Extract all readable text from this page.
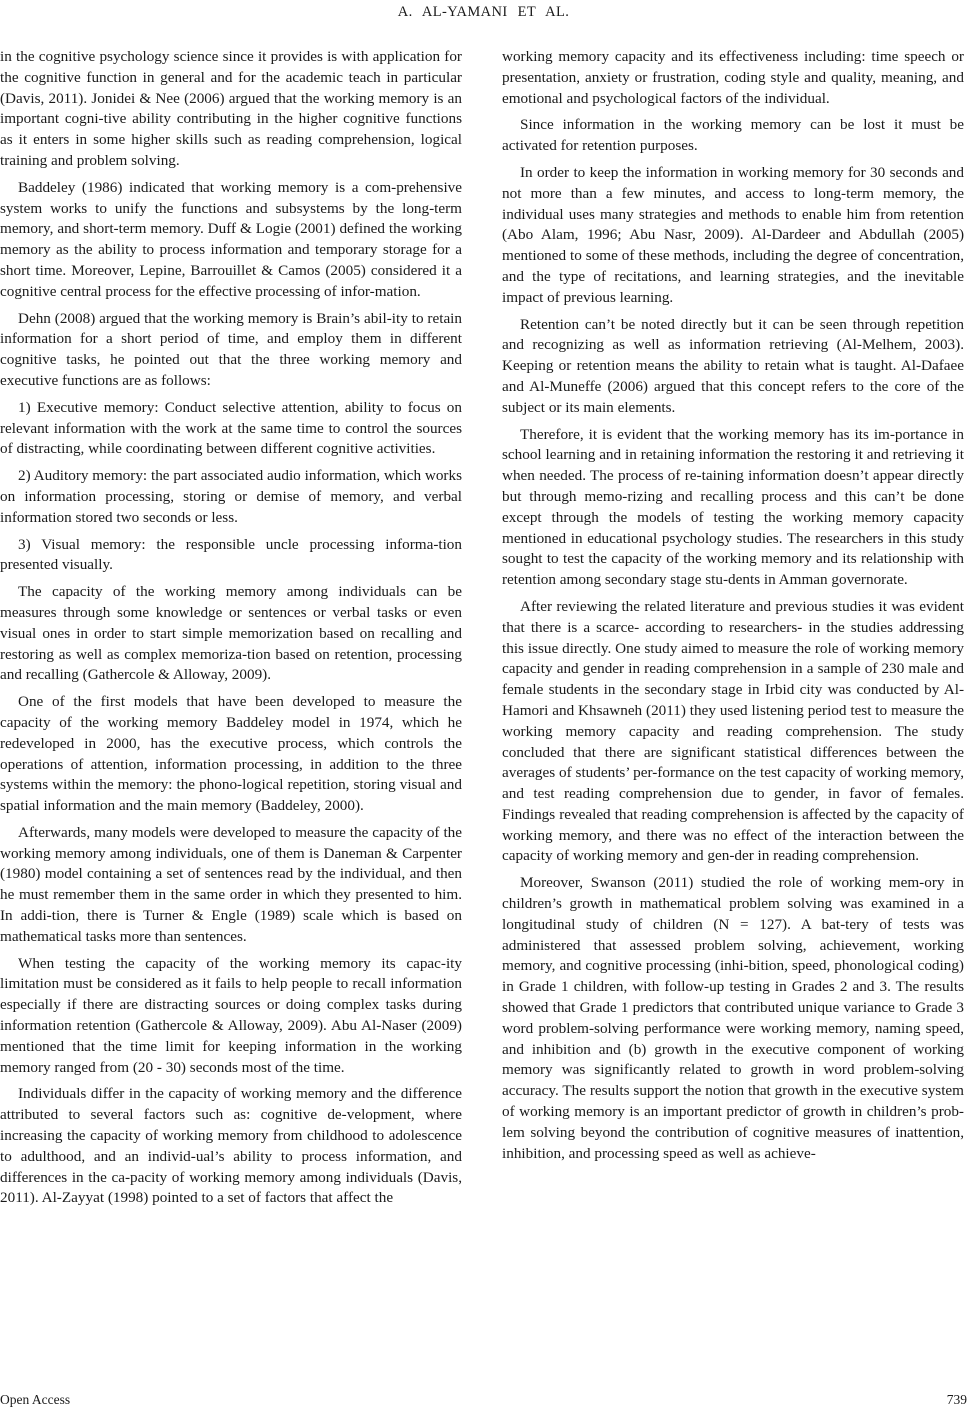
A. AL-YAMANI ET AL.

in the cognitive psychology science since it provides is with application for the cognitive function in general and for the academic teach in particular (Davis, 2011). Jonidei & Nee (2006) argued that the working memory is an important cogni-tive ability contributing in the higher cognitive functions as it enters in some higher skills such as reading comprehension, logical training and problem solving.

Baddeley (1986) indicated that working memory is a com-prehensive system works to unify the functions and subsystems by the long-term memory, and short-term memory. Duff & Logie (2001) defined the working memory as the ability to process information and temporary storage for a short time. Moreover, Lepine, Barrouillet & Camos (2005) considered it a cognitive central process for the effective processing of infor-mation.

Dehn (2008) argued that the working memory is Brain’s abil-ity to retain information for a short period of time, and employ them in different cognitive tasks, he pointed out that the three working memory and executive functions are as follows:

1) Executive memory: Conduct selective attention, ability to focus on relevant information with the work at the same time to control the sources of distracting, while coordinating between different cognitive activities.

2) Auditory memory: the part associated audio information, which works on information processing, storing or demise of memory, and verbal information stored two seconds or less.

3) Visual memory: the responsible uncle processing informa-tion presented visually.

The capacity of the working memory among individuals can be measures through some knowledge or sentences or verbal tasks or even visual ones in order to start simple memorization based on recalling and restoring as well as complex memoriza-tion based on retention, processing and recalling (Gathercole & Alloway, 2009).

One of the first models that have been developed to measure the capacity of the working memory Baddeley model in 1974, which he redeveloped in 2000, has the executive process, which controls the operations of attention, information processing, in addition to the three systems within the memory: the phono-logical repetition, storing visual and spatial information and the main memory (Baddeley, 2000).

Afterwards, many models were developed to measure the capacity of the working memory among individuals, one of them is Daneman & Carpenter (1980) model containing a set of sentences read by the individual, and then he must remember them in the same order in which they presented to him. In addi-tion, there is Turner & Engle (1989) scale which is based on mathematical tasks more than sentences.

When testing the capacity of the working memory its capac-ity limitation must be considered as it fails to help people to recall information especially if there are distracting sources or doing complex tasks during information retention (Gathercole & Alloway, 2009). Abu Al-Naser (2009) mentioned that the time limit for keeping information in the working memory ranged from (20 - 30) seconds most of the time.

Individuals differ in the capacity of working memory and the difference attributed to several factors such as: cognitive de-velopment, where increasing the capacity of working memory from childhood to adolescence to adulthood, and an individ-ual’s ability to process information, and differences in the ca-pacity of working memory among individuals (Davis, 2011). Al-Zayyat (1998) pointed to a set of factors that affect the

working memory capacity and its effectiveness including: time speech or presentation, anxiety or frustration, coding style and quality, meaning, and emotional and psychological factors of the individual.

Since information in the working memory can be lost it must be activated for retention purposes.

In order to keep the information in working memory for 30 seconds and not more than a few minutes, and access to long-term memory, the individual uses many strategies and methods to enable him from retention (Abo Alam, 1996; Abu Nasr, 2009). Al-Dardeer and Abdullah (2005) mentioned to some of these methods, including the degree of concentration, and the type of recitations, and learning strategies, and the inevitable impact of previous learning.

Retention can’t be noted directly but it can be seen through repetition and recognizing as well as information retrieving (Al-Melhem, 2003). Keeping or retention means the ability to retain what is taught. Al-Dafaee and Al-Muneffe (2006) argued that this concept refers to the core of the subject or its main elements.

Therefore, it is evident that the working memory has its im-portance in school learning and in retaining information the restoring it and retrieving it when needed. The process of re-taining information doesn’t appear directly but through memo-rizing and recalling process and this can’t be done except through the models of testing the working memory capacity mentioned in educational psychology studies. The researchers in this study sought to test the capacity of the working memory and its relationship with retention among secondary stage stu-dents in Amman governorate.

After reviewing the related literature and previous studies it was evident that there is a scarce- according to researchers- in the studies addressing this issue directly. One study aimed to measure the role of working memory capacity and gender in reading comprehension in a sample of 230 male and female students in the secondary stage in Irbid city was conducted by Al-Hamori and Khsawneh (2011) they used listening period test to measure the working memory capacity and reading comprehension. The study concluded that there are significant statistical differences between the averages of students’ per-formance on the test capacity of working memory, and test reading comprehension due to gender, in favor of females. Findings revealed that reading comprehension is affected by the capacity of working memory, and there was no effect of the interaction between the capacity of working memory and gen-der in reading comprehension.

Moreover, Swanson (2011) studied the role of working mem-ory in children’s growth in mathematical problem solving was examined in a longitudinal study of children (N = 127). A bat-tery of tests was administered that assessed problem solving, achievement, working memory, and cognitive processing (inhi-bition, speed, phonological coding) in Grade 1 children, with follow-up testing in Grades 2 and 3. The results showed that Grade 1 predictors that contributed unique variance to Grade 3 word problem-solving performance were working memory, naming speed, and inhibition and (b) growth in the executive component of working memory was significantly related to growth in word problem-solving accuracy. The results support the notion that growth in the executive system of working memory is an important predictor of growth in children’s prob-lem solving beyond the contribution of cognitive measures of inattention, inhibition, and processing speed as well as achieve-

Open Access	739
